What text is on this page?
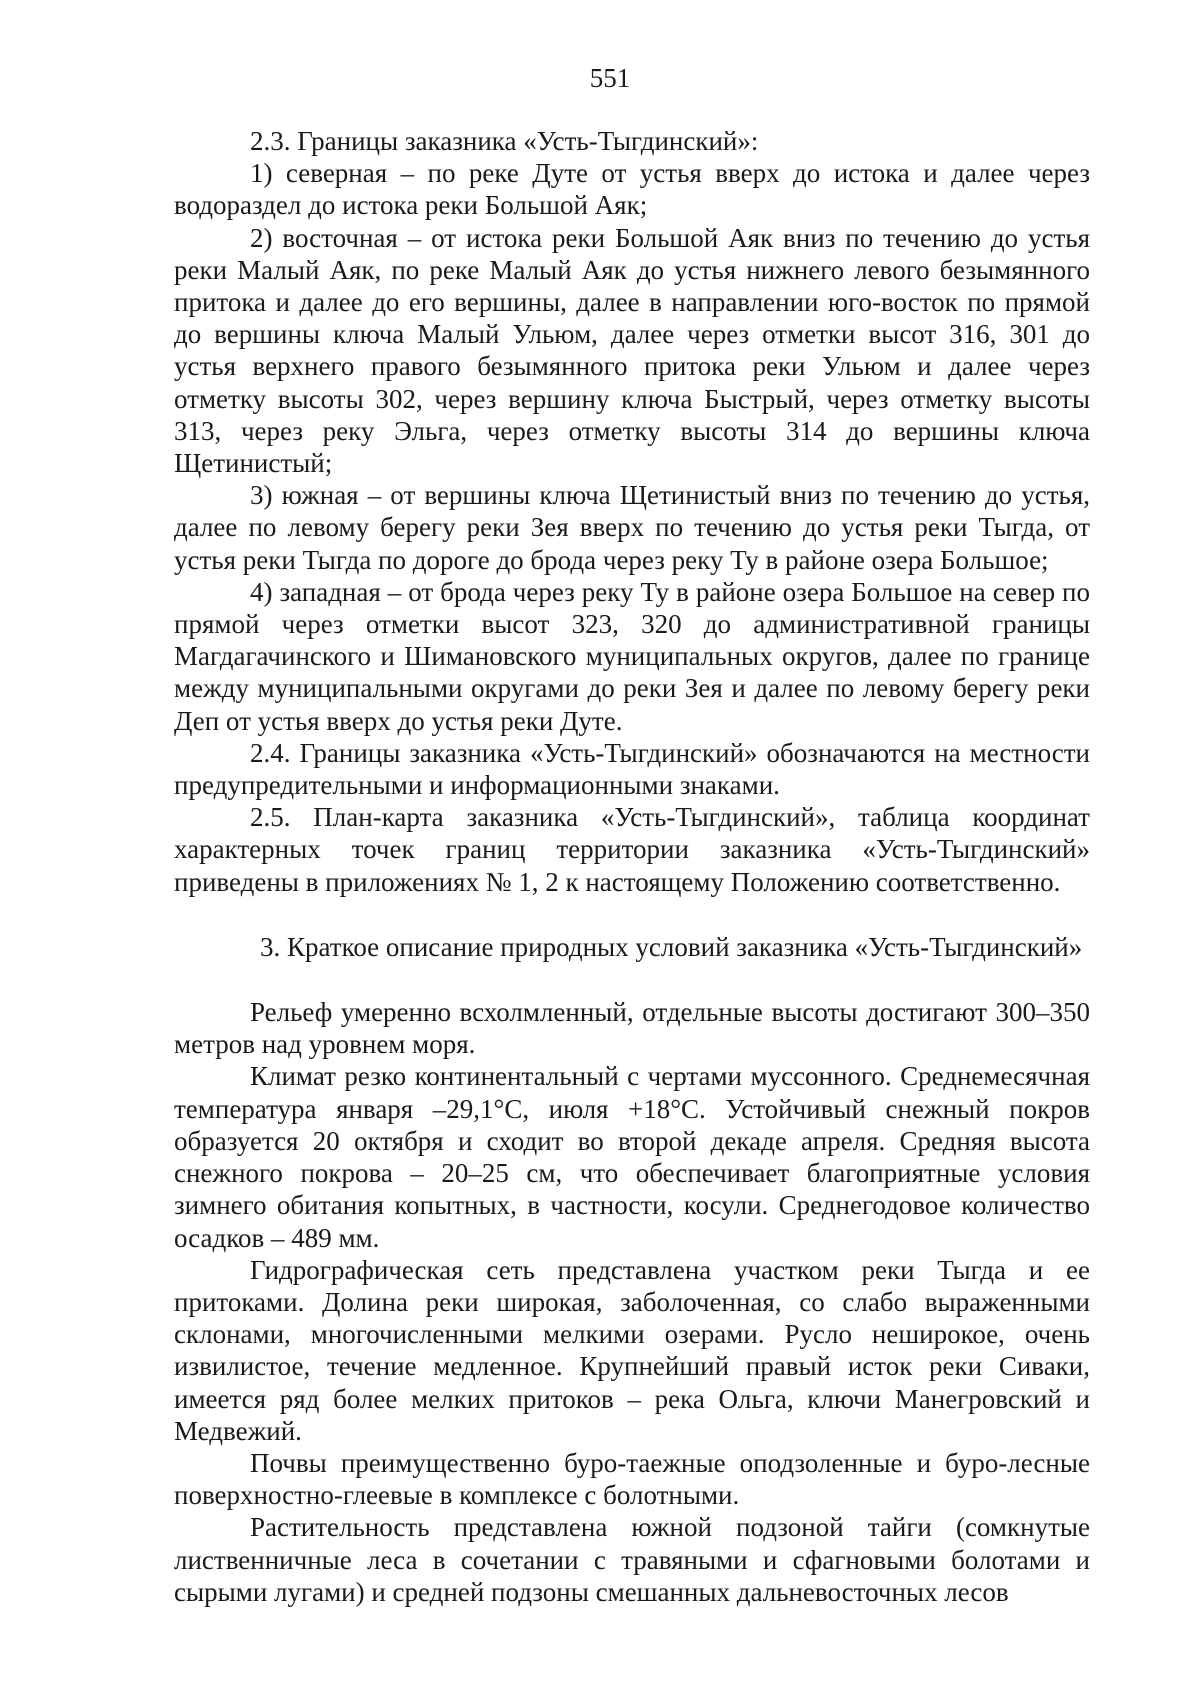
551

2.3. Границы заказника «Усть-Тыгдинский»:

1) северная – по реке Дуте от устья вверх до истока и далее через водораздел до истока реки Большой Аяк;

2) восточная – от истока реки Большой Аяк вниз по течению до устья реки Малый Аяк, по реке Малый Аяк до устья нижнего левого безымянного притока и далее до его вершины, далее в направлении юго-восток по прямой до вершины ключа Малый Ульюм, далее через отметки высот 316, 301 до устья верхнего правого безымянного притока реки Ульюм и далее через отметку высоты 302, через вершину ключа Быстрый, через отметку высоты 313, через реку Эльга, через отметку высоты 314 до вершины ключа Щетинистый;

3) южная – от вершины ключа Щетинистый вниз по течению до устья, далее по левому берегу реки Зея вверх по течению до устья реки Тыгда, от устья реки Тыгда по дороге до брода через реку Ту в районе озера Большое;

4) западная – от брода через реку Ту в районе озера Большое на север по прямой через отметки высот 323, 320 до административной границы Магдагачинского и Шимановского муниципальных округов, далее по границе между муниципальными округами до реки Зея и далее по левому берегу реки Деп от устья вверх до устья реки Дуте.

2.4. Границы заказника «Усть-Тыгдинский» обозначаются на местности предупредительными и информационными знаками.

2.5. План-карта заказника «Усть-Тыгдинский», таблица координат характерных точек границ территории заказника «Усть-Тыгдинский» приведены в приложениях № 1, 2 к настоящему Положению соответственно.

3. Краткое описание природных условий заказника «Усть-Тыгдинский»

Рельеф умеренно всхолмленный, отдельные высоты достигают 300–350 метров над уровнем моря.

Климат резко континентальный с чертами муссонного. Среднемесячная температура января –29,1°С, июля +18°С. Устойчивый снежный покров образуется 20 октября и сходит во второй декаде апреля. Средняя высота снежного покрова – 20–25 см, что обеспечивает благоприятные условия зимнего обитания копытных, в частности, косули. Среднегодовое количество осадков – 489 мм.

Гидрографическая сеть представлена участком реки Тыгда и ее притоками. Долина реки широкая, заболоченная, со слабо выраженными склонами, многочисленными мелкими озерами. Русло неширокое, очень извилистое, течение медленное. Крупнейший правый исток реки Сиваки, имеется ряд более мелких притоков – река Ольга, ключи Манегровский и Медвежий.

Почвы преимущественно буро-таежные оподзоленные и буро-лесные поверхностно-глеевые в комплексе с болотными.

Растительность представлена южной подзоной тайги (сомкнутые лиственничные леса в сочетании с травяными и сфагновыми болотами и сырыми лугами) и средней подзоны смешанных дальневосточных лесов
